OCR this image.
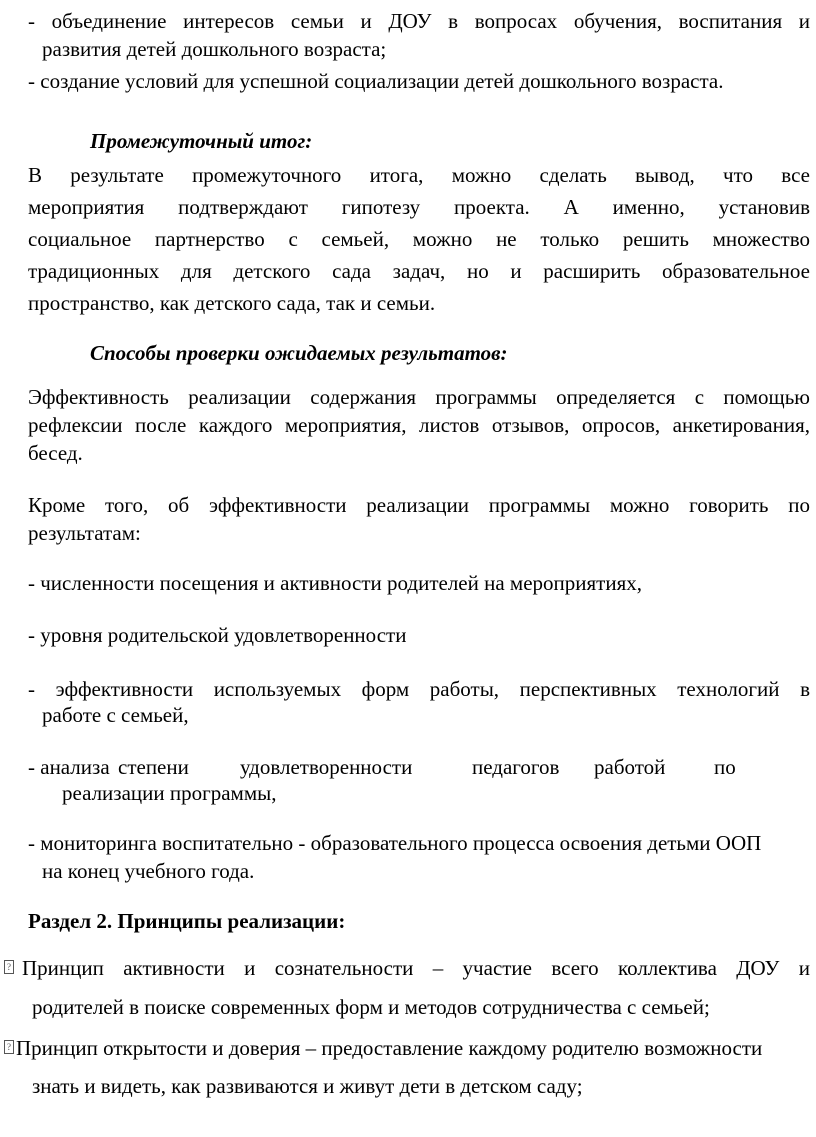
- объединение интересов семьи и ДОУ в вопросах обучения, воспитания и
развития детей дошкольного возраста;
- создание условий для успешной социализации детей дошкольного возраста.
Промежуточный итог:
В результате промежуточного итога, можно сделать вывод, что все
мероприятия подтверждают гипотезу проекта. А именно, установив
социальное партнерство с семьей, можно не только решить множество
традиционных для детского сада задач, но и расширить образовательное
пространство, как детского сада, так и семьи.
Способы проверки ожидаемых результатов:
Эффективность реализации содержания программы определяется с помощью
рефлексии после каждого мероприятия, листов отзывов, опросов, анкетирования,
бесед.
Кроме того, об эффективности реализации программы можно говорить по
результатам:
- численности посещения и активности родителей на мероприятиях,
- уровня родительской удовлетворенности
- эффективности используемых форм работы, перспективных технологий в
работе с семьей,
- анализа степени удовлетворенности	педагогов работой по
реализации программы,
- мониторинга воспитательно - образовательного процесса освоения детьми ООП
на конец учебного года.
Раздел 2. Принципы реализации:
?
Принцип активности и сознательности – участие всего коллектива ДОУ и
родителей в поиске современных форм и методов сотрудничества с семьей;
?
Принцип открытости и доверия – предоставление каждому родителю возможности
знать и видеть, как развиваются и живут дети в детском саду;
